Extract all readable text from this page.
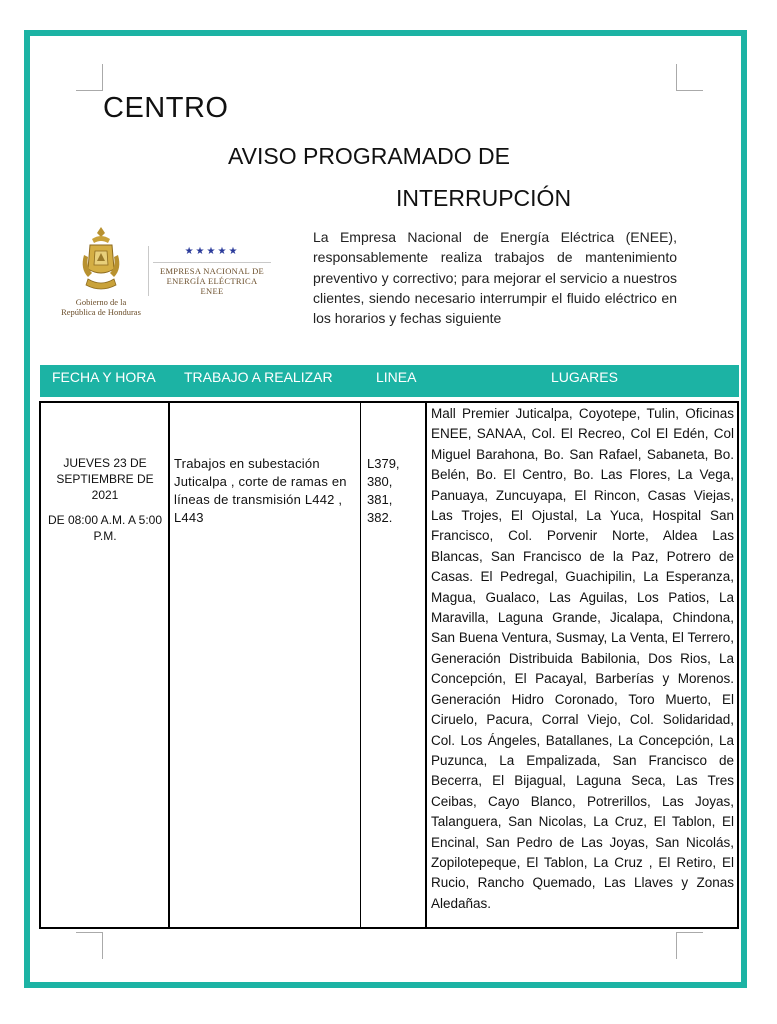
CENTRO
AVISO PROGRAMADO DE
INTERRUPCIÓN
Gobierno de la
República de Honduras
★★★★★
EMPRESA NACIONAL DE
ENERGÍA ELÉCTRICA
ENEE

La Empresa Nacional de Energía Eléctrica (ENEE), responsablemente realiza trabajos de mantenimiento preventivo y correctivo; para mejorar el servicio a nuestros clientes, siendo necesario interrumpir el fluido eléctrico en los horarios y fechas siguiente

FECHA Y HORA TRABAJO A REALIZAR	LINEA	LUGARES
JUEVES 23 DE SEPTIEMBRE DE 2021
DE 08:00 A.M. A 5:00 P.M.
Trabajos en subestación Juticalpa , corte de ramas en líneas de transmisión L442 , L443
L379, 380, 381, 382.

Mall Premier Juticalpa, Coyotepe, Tulin, Oficinas ENEE, SANAA, Col. El Recreo, Col El Edén, Col Miguel Barahona, Bo. San Rafael, Sabaneta, Bo. Belén, Bo. El Centro, Bo. Las Flores, La Vega, Panuaya, Zuncuyapa, El Rincon, Casas Viejas, Las Trojes, El Ojustal, La Yuca, Hospital San Francisco, Col. Porvenir Norte, Aldea Las Blancas, San Francisco de la Paz, Potrero de Casas. El Pedregal, Guachipilin, La Esperanza, Magua, Gualaco, Las Aguilas, Los Patios, La Maravilla, Laguna Grande, Jicalapa, Chindona, San Buena Ventura, Susmay, La Venta, El Terrero, Generación Distribuida Babilonia, Dos Rios, La Concepción, El Pacayal, Barberías y Morenos. Generación Hidro Coronado, Toro Muerto, El Ciruelo, Pacura, Corral Viejo, Col. Solidaridad, Col. Los Ángeles, Batallanes, La Concepción, La Puzunca, La Empalizada, San Francisco de Becerra, El Bijagual, Laguna Seca, Las Tres Ceibas, Cayo Blanco, Potrerillos, Las Joyas, Talanguera, San Nicolas, La Cruz, El Tablon, El Encinal, San Pedro de Las Joyas, San Nicolás, Zopilotepeque, El Tablon, La Cruz , El Retiro, El Rucio, Rancho Quemado, Las Llaves y Zonas Aledañas.
